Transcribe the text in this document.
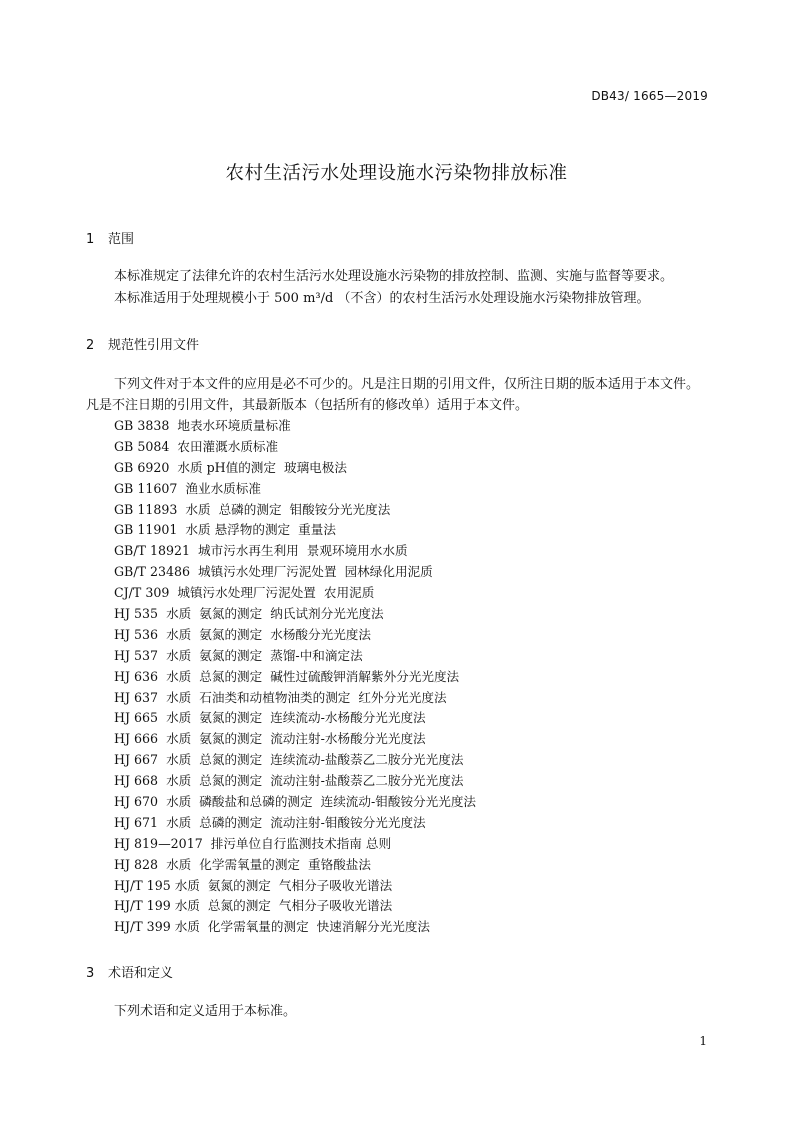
DB43/ 1665—2019
农村生活污水处理设施水污染物排放标准
1 范围
本标准规定了法律允许的农村生活污水处理设施水污染物的排放控制、监测、实施与监督等要求。
本标准适用于处理规模小于 500 m³/d （不含）的农村生活污水处理设施水污染物排放管理。
2 规范性引用文件
下列文件对于本文件的应用是必不可少的。凡是注日期的引用文件，仅所注日期的版本适用于本文件。凡是不注日期的引用文件，其最新版本（包括所有的修改单）适用于本文件。
GB 3838  地表水环境质量标准
GB 5084  农田灌溉水质标准
GB 6920  水质 pH值的测定  玻璃电极法
GB 11607  渔业水质标准
GB 11893  水质  总磷的测定  钼酸铵分光光度法
GB 11901  水质 悬浮物的测定  重量法
GB/T 18921  城市污水再生利用  景观环境用水水质
GB/T 23486  城镇污水处理厂污泥处置  园林绿化用泥质
CJ/T 309  城镇污水处理厂污泥处置  农用泥质
HJ 535  水质  氨氮的测定  纳氏试剂分光光度法
HJ 536  水质  氨氮的测定  水杨酸分光光度法
HJ 537  水质  氨氮的测定  蒸馏-中和滴定法
HJ 636  水质  总氮的测定  碱性过硫酸钾消解紫外分光光度法
HJ 637  水质  石油类和动植物油类的测定  红外分光光度法
HJ 665  水质  氨氮的测定  连续流动-水杨酸分光光度法
HJ 666  水质  氨氮的测定  流动注射-水杨酸分光光度法
HJ 667  水质  总氮的测定  连续流动-盐酸萘乙二胺分光光度法
HJ 668  水质  总氮的测定  流动注射-盐酸萘乙二胺分光光度法
HJ 670  水质  磷酸盐和总磷的测定  连续流动-钼酸铵分光光度法
HJ 671  水质  总磷的测定  流动注射-钼酸铵分光光度法
HJ 819—2017  排污单位自行监测技术指南 总则
HJ 828  水质  化学需氧量的测定  重铬酸盐法
HJ/T 195 水质  氨氮的测定  气相分子吸收光谱法
HJ/T 199 水质  总氮的测定  气相分子吸收光谱法
HJ/T 399 水质  化学需氧量的测定  快速消解分光光度法
3 术语和定义
下列术语和定义适用于本标准。
1
